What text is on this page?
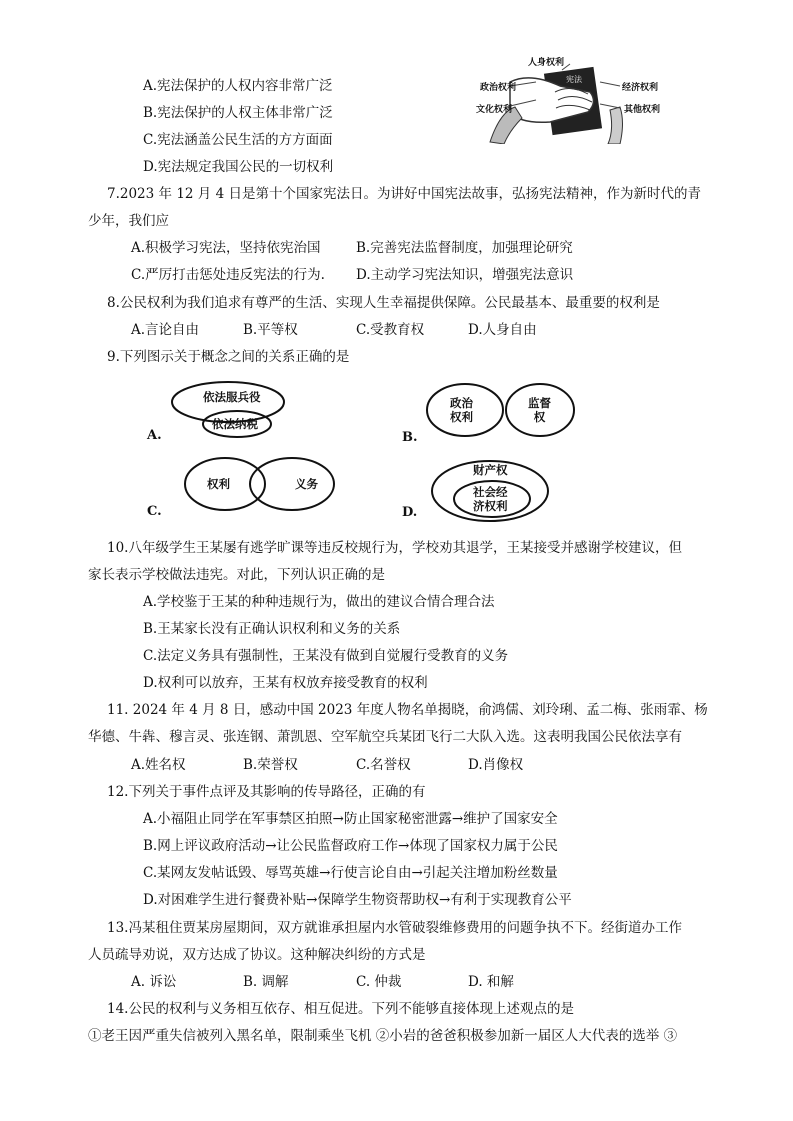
A.宪法保护的人权内容非常广泛
B.宪法保护的人权主体非常广泛
C.宪法涵盖公民生活的方方面面
D.宪法规定我国公民的一切权利
人身权利
政治权利	经济权利
文化权利	其他权利
宪法
7.2023 年 12 月 4 日是第十个国家宪法日。为讲好中国宪法故事，弘扬宪法精神，作为新时代的青
少年，我们应
A.积极学习宪法，坚持依宪治国	B.完善宪法监督制度，加强理论研究
C.严厉打击惩处违反宪法的行为. D.主动学习宪法知识，增强宪法意识
8.公民权利为我们追求有尊严的生活、实现人生幸福提供保障。公民最基本、最重要的权利是
A.言论自由	B.平等权	C.受教育权	D.人身自由
9.下列图示关于概念之间的关系正确的是
A.
依法服兵役
依法纳税
B.
政治
权利
监督
权
C.
权利	义务
D.
财产权
社会经
济权利
10.八年级学生王某屡有逃学旷课等违反校规行为，学校劝其退学，王某接受并感谢学校建议，但
家长表示学校做法违宪。对此，下列认识正确的是
A.学校鉴于王某的种种违规行为，做出的建议合情合理合法
B.王某家长没有正确认识权利和义务的关系
C.法定义务具有强制性，王某没有做到自觉履行受教育的义务
D.权利可以放弃，王某有权放弃接受教育的权利
11. 2024 年 4 月 8 日，感动中国 2023 年度人物名单揭晓，俞鸿儒、刘玲琍、孟二梅、张雨霏、杨
华德、牛犇、穆言灵、张连钢、萧凯恩、空军航空兵某团飞行二大队入选。这表明我国公民依法享有
A.姓名权	B.荣誉权	C.名誉权	D.肖像权
12.下列关于事件点评及其影响的传导路径，正确的有
A.小福阻止同学在军事禁区拍照→防止国家秘密泄露→维护了国家安全
B.网上评议政府活动→让公民监督政府工作→体现了国家权力属于公民
C.某网友发帖诋毁、辱骂英雄→行使言论自由→引起关注增加粉丝数量
D.对困难学生进行餐费补贴→保障学生物资帮助权→有利于实现教育公平
13.冯某租住贾某房屋期间，双方就谁承担屋内水管破裂维修费用的问题争执不下。经街道办工作
人员疏导劝说，双方达成了协议。这种解决纠纷的方式是
A. 诉讼	B. 调解	C. 仲裁	D. 和解
14.公民的权利与义务相互依存、相互促进。下列不能够直接体现上述观点的是
①老王因严重失信被列入黑名单，限制乘坐飞机 ②小岩的爸爸积极参加新一届区人大代表的选举 ③
